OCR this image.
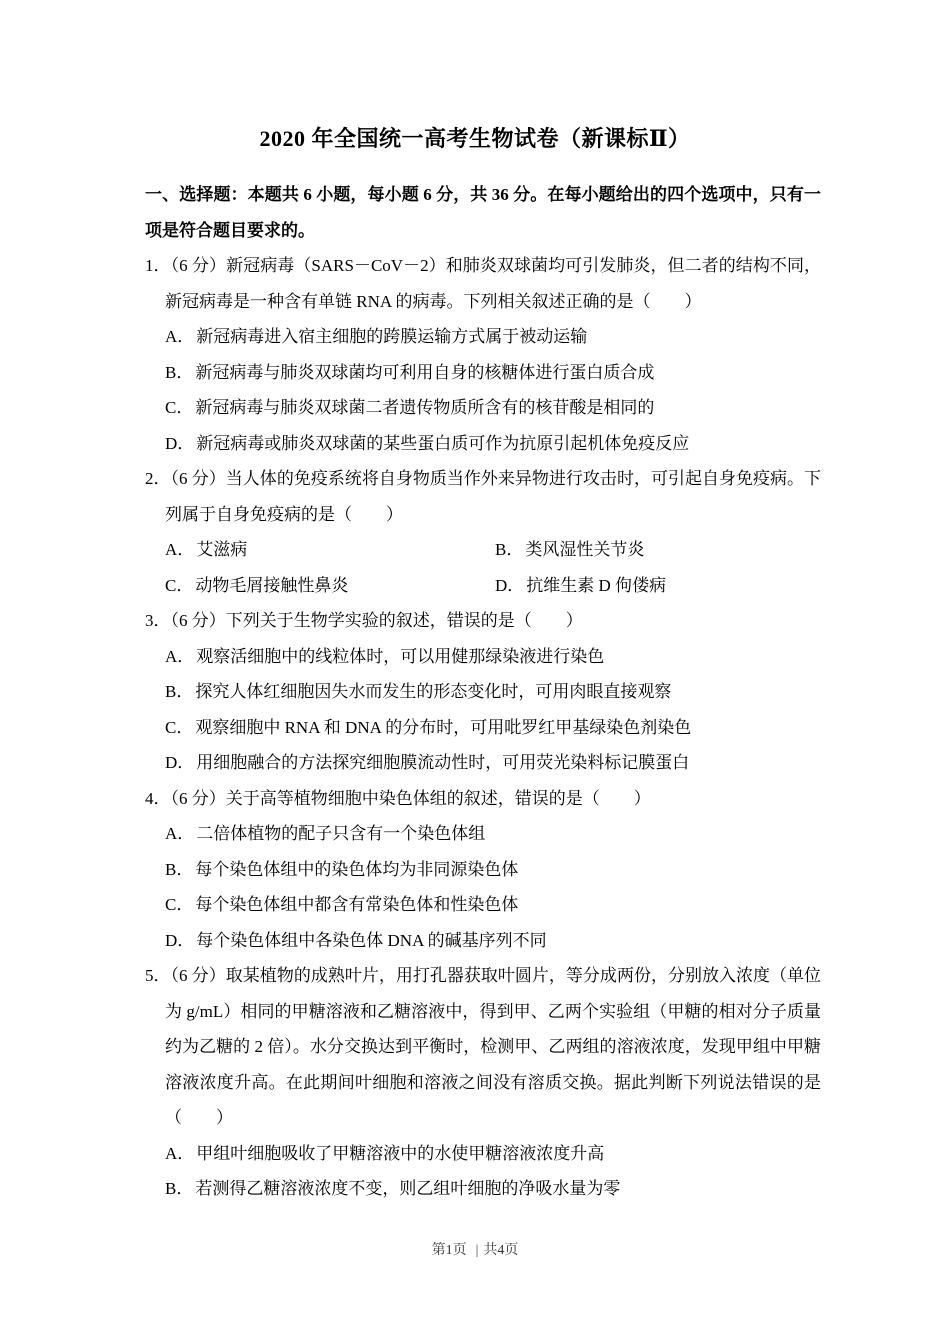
2020 年全国统一高考生物试卷（新课标Ⅱ）

一、选择题：本题共 6 小题，每小题 6 分，共 36 分。在每小题给出的四个选项中，只有一项是符合题目要求的。

1．（6 分）新冠病毒（SARS－CoV－2）和肺炎双球菌均可引发肺炎，但二者的结构不同，新冠病毒是一种含有单链 RNA 的病毒。下列相关叙述正确的是（　　）

A． 新冠病毒进入宿主细胞的跨膜运输方式属于被动运输
B． 新冠病毒与肺炎双球菌均可利用自身的核糖体进行蛋白质合成
C． 新冠病毒与肺炎双球菌二者遗传物质所含有的核苷酸是相同的
D． 新冠病毒或肺炎双球菌的某些蛋白质可作为抗原引起机体免疫反应

2．（6 分）当人体的免疫系统将自身物质当作外来异物进行攻击时，可引起自身免疫病。下列属于自身免疫病的是（　　）

A． 艾滋病	B． 类风湿性关节炎
C． 动物毛屑接触性鼻炎	D． 抗维生素 D 佝偻病

3．（6 分）下列关于生物学实验的叙述，错误的是（　　）

A． 观察活细胞中的线粒体时，可以用健那绿染液进行染色
B． 探究人体红细胞因失水而发生的形态变化时，可用肉眼直接观察
C． 观察细胞中 RNA 和 DNA 的分布时，可用吡罗红甲基绿染色剂染色
D． 用细胞融合的方法探究细胞膜流动性时，可用荧光染料标记膜蛋白

4．（6 分）关于高等植物细胞中染色体组的叙述，错误的是（　　）

A． 二倍体植物的配子只含有一个染色体组
B． 每个染色体组中的染色体均为非同源染色体
C． 每个染色体组中都含有常染色体和性染色体
D． 每个染色体组中各染色体 DNA 的碱基序列不同

5．（6 分）取某植物的成熟叶片，用打孔器获取叶圆片，等分成两份，分别放入浓度（单位为 g/mL）相同的甲糖溶液和乙糖溶液中，得到甲、乙两个实验组（甲糖的相对分子质量约为乙糖的 2 倍）。水分交换达到平衡时，检测甲、乙两组的溶液浓度，发现甲组中甲糖溶液浓度升高。在此期间叶细胞和溶液之间没有溶质交换。据此判断下列说法错误的是（　　）

A． 甲组叶细胞吸收了甲糖溶液中的水使甲糖溶液浓度升高
B． 若测得乙糖溶液浓度不变，则乙组叶细胞的净吸水量为零
第1页 | 共4页
